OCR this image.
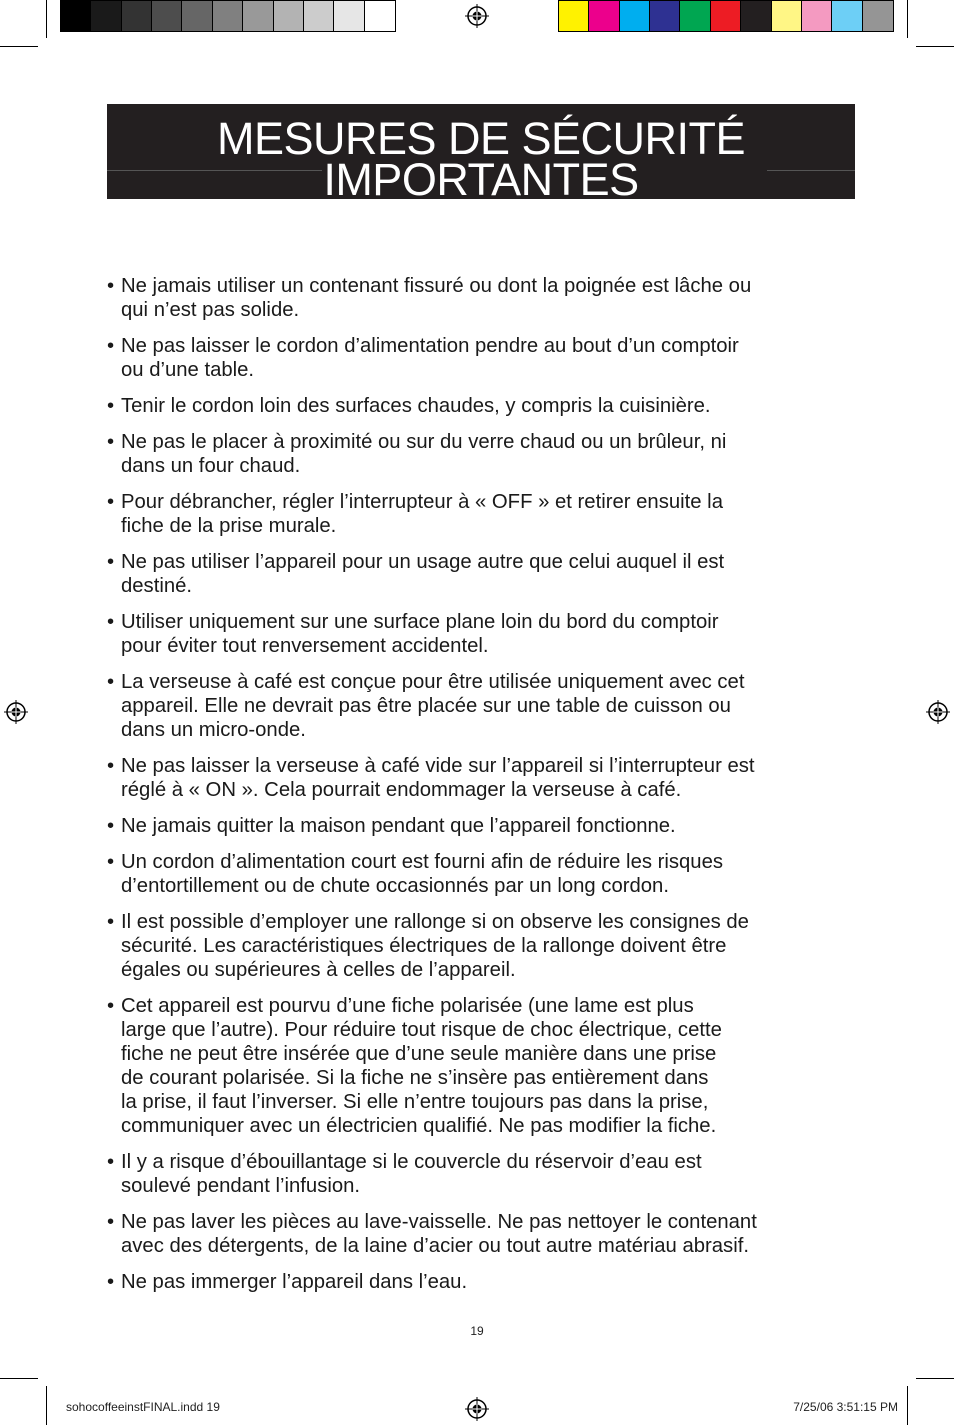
MESURES DE SÉCURITÉ
IMPORTANTES
• Ne jamais utiliser un contenant fissuré ou dont la poignée est lâche ou
qui n’est pas solide.
• Ne pas laisser le cordon d’alimentation pendre au bout d’un comptoir
ou d’une table.
• Tenir le cordon loin des surfaces chaudes, y compris la cuisinière.
• Ne pas le placer à proximité ou sur du verre chaud ou un brûleur, ni
dans un four chaud.
• Pour débrancher, régler l’interrupteur à « OFF » et retirer ensuite la
fiche de la prise murale.
• Ne pas utiliser l’appareil pour un usage autre que celui auquel il est
destiné.
• Utiliser uniquement sur une surface plane loin du bord du comptoir
pour éviter tout renversement accidentel.
• La verseuse à café est conçue pour être utilisée uniquement avec cet
appareil. Elle ne devrait pas être placée sur une table de cuisson ou
dans un micro-onde.
• Ne pas laisser la verseuse à café vide sur l’appareil si l’interrupteur est
réglé à « ON ». Cela pourrait endommager la verseuse à café.
• Ne jamais quitter la maison pendant que l’appareil fonctionne.
• Un cordon d’alimentation court est fourni afin de réduire les risques
d’entortillement ou de chute occasionnés par un long cordon.
• Il est possible d’employer une rallonge si on observe les consignes de
sécurité. Les caractéristiques électriques de la rallonge doivent être
égales ou supérieures à celles de l’appareil.
• Cet appareil est pourvu d’une fiche polarisée (une lame est plus
large que l’autre). Pour réduire tout risque de choc électrique, cette
fiche ne peut être insérée que d’une seule manière dans une prise
de courant polarisée. Si la fiche ne s’insère pas entièrement dans
la prise, il faut l’inverser. Si elle n’entre toujours pas dans la prise,
communiquer avec un électricien qualifié. Ne pas modifier la fiche.
• Il y a risque d’ébouillantage si le couvercle du réservoir d’eau est
soulevé pendant l’infusion.
• Ne pas laver les pièces au lave-vaisselle. Ne pas nettoyer le contenant
avec des détergents, de la laine d’acier ou tout autre matériau abrasif.
• Ne pas immerger l’appareil dans l’eau.
19
sohocoffeeinstFINAL.indd 19	7/25/06 3:51:15 PM
